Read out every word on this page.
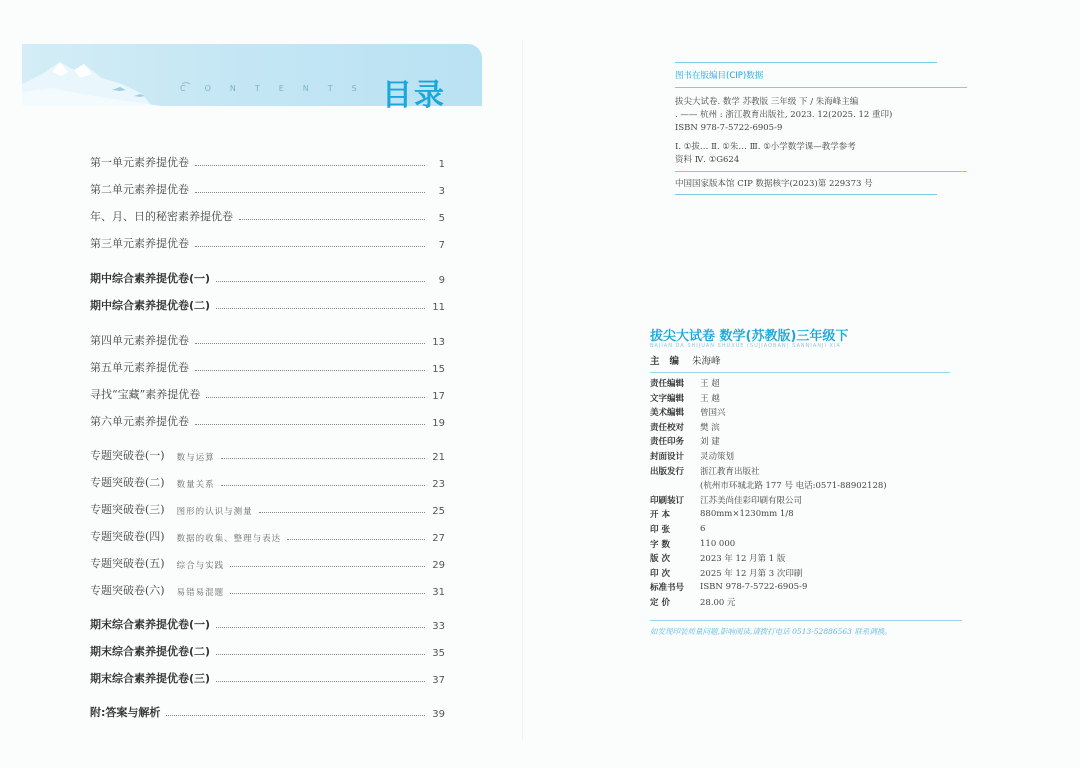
CONTENTS 目录
第一单元素养提优卷	1
第二单元素养提优卷	3
年、月、日的秘密素养提优卷	5
第三单元素养提优卷	7
期中综合素养提优卷(一)	9
期中综合素养提优卷(二)	11
第四单元素养提优卷	13
第五单元素养提优卷	15
寻找“宝藏”素养提优卷	17
第六单元素养提优卷	19
专题突破卷(一) 数与运算	21
专题突破卷(二) 数量关系	23
专题突破卷(三) 图形的认识与测量	25
专题突破卷(四) 数据的收集、整理与表达	27
专题突破卷(五) 综合与实践	29
专题突破卷(六) 易错易混题	31
期末综合素养提优卷(一)	33
期末综合素养提优卷(二)	35
期末综合素养提优卷(三)	37
附:答案与解析	39
图书在版编目(CIP)数据
拔尖大试卷. 数学 苏教版 三年级 下 / 朱海峰主编
. —— 杭州 : 浙江教育出版社, 2023. 12(2025. 12 重印)
ISBN 978-7-5722-6905-9
Ⅰ. ①拔… Ⅱ. ①朱… Ⅲ. ①小学数学课—教学参考
资料 Ⅳ. ①G624
中国国家版本馆 CIP 数据核字(2023)第 229373 号
拔尖大试卷 数学(苏教版)三年级下
BAJIAN DA SHIJUAN SHUXUE (SUJIAOBAN) SANNIANJI XIA
主编 朱海峰
责任编辑	王 超
文字编辑	王 越
美术编辑	曾国兴
责任校对	樊 滨
责任印务	刘 建
封面设计	灵动策划
出版发行	浙江教育出版社
(杭州市环城北路 177 号 电话:0571-88902128)
印刷装订	江苏美尚佳彩印刷有限公司
开 本	880mm×1230mm 1/8
印 张	6
字 数	110 000
版 次	2023 年 12 月第 1 版
印 次	2025 年 12 月第 3 次印刷
标准书号	ISBN 978-7-5722-6905-9
定 价	28.00 元
如发现印装质量问题,影响阅读,请拨打电话 0513-52886563 联系调换。
